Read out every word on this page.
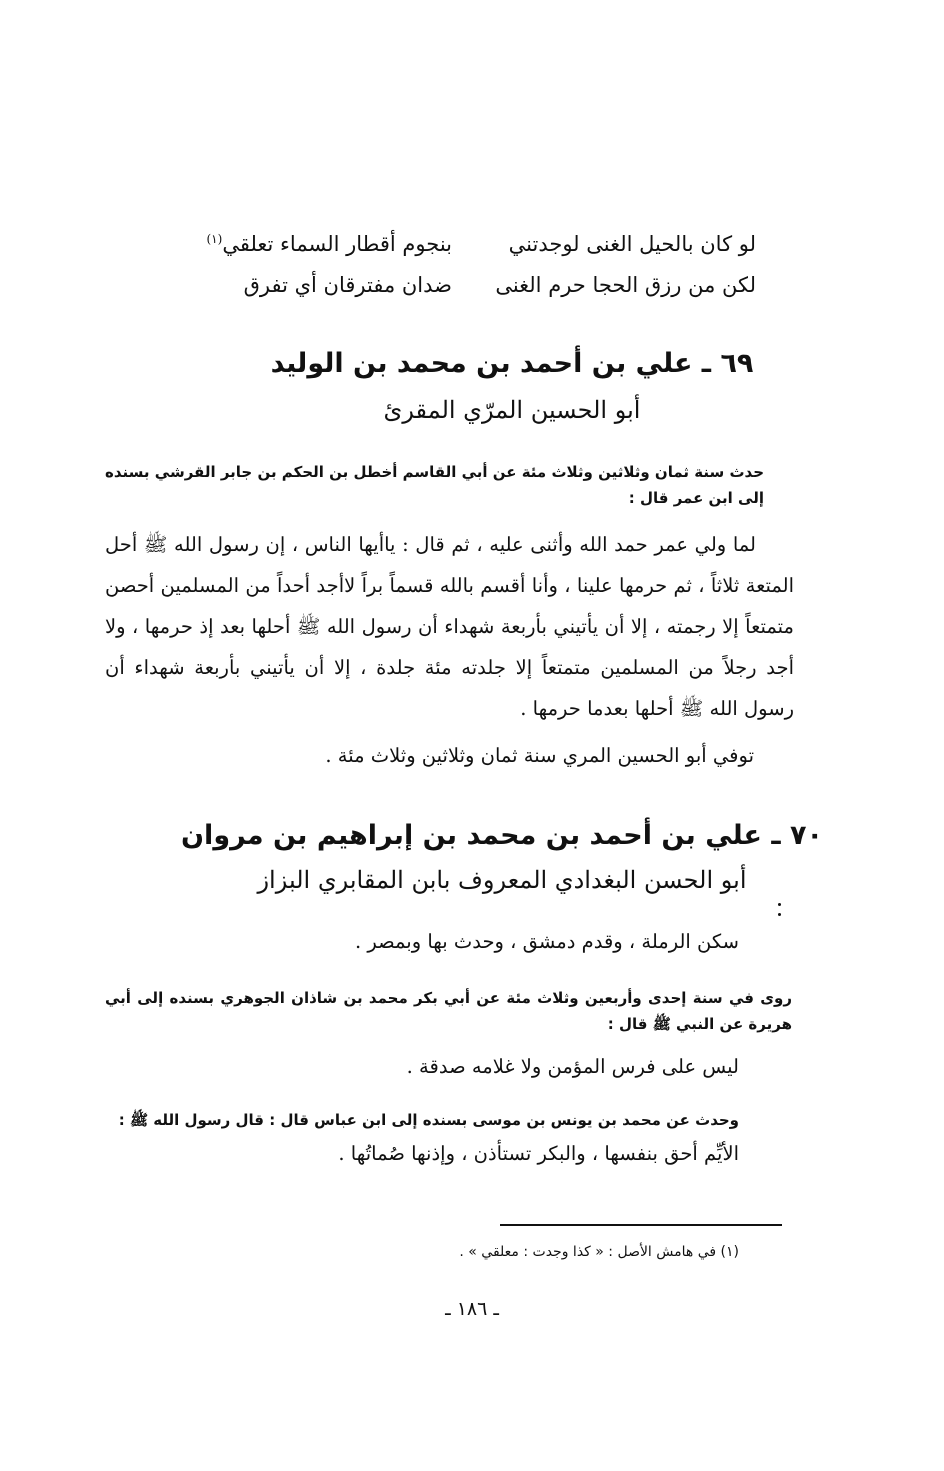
لو كان بالحيل الغنى لوجدتني
بنجوم أقطار السماء تعلقي$^{(١)}$
لكن من رزق الحجا حرم الغنى
ضدان مفترقان أي تفرق
٦٩ ـ علي بن أحمد بن محمد بن الوليد
أبو الحسين المرّي المقرئ
حدث سنة ثمان وثلاثين وثلاث مئة عن أبي القاسم أخطل بن الحكم بن جابر القرشي بسنده إلى ابن عمر قال :
لما ولي عمر حمد الله وأثنى عليه ، ثم قال : ياأيها الناس ، إن رسول الله ﷺ أحل المتعة ثلاثاً ، ثم حرمها علينا ، وأنا أقسم بالله قسماً براً لاأجد أحداً من المسلمين أحصن متمتعاً إلا رجمته ، إلا أن يأتيني بأربعة شهداء أن رسول الله ﷺ أحلها بعد إذ حرمها ، ولا أجد رجلاً من المسلمين متمتعاً إلا جلدته مئة جلدة ، إلا أن يأتيني بأربعة شهداء أن رسول الله ﷺ أحلها بعدما حرمها .
توفي أبو الحسين المري سنة ثمان وثلاثين وثلاث مئة .
٧٠ ـ علي بن أحمد بن محمد بن إبراهيم بن مروان
أبو الحسن البغدادي المعروف بابن المقابري البزاز
سكن الرملة ، وقدم دمشق ، وحدث بها وبمصر .
روى في سنة إحدى وأربعين وثلاث مئة عن أبي بكر محمد بن شاذان الجوهري بسنده إلى أبي هريرة عن النبي ﷺ قال :
ليس على فرس المؤمن ولا غلامه صدقة .
وحدث عن محمد بن يونس بن موسى بسنده إلى ابن عباس قال : قال رسول الله ﷺ :
الأيِّم أحق بنفسها ، والبكر تستأذن ، وإذنها صُماتُها .
(١) في هامش الأصل : « كذا وجدت : معلقي » .
ـ ١٨٦ ـ
